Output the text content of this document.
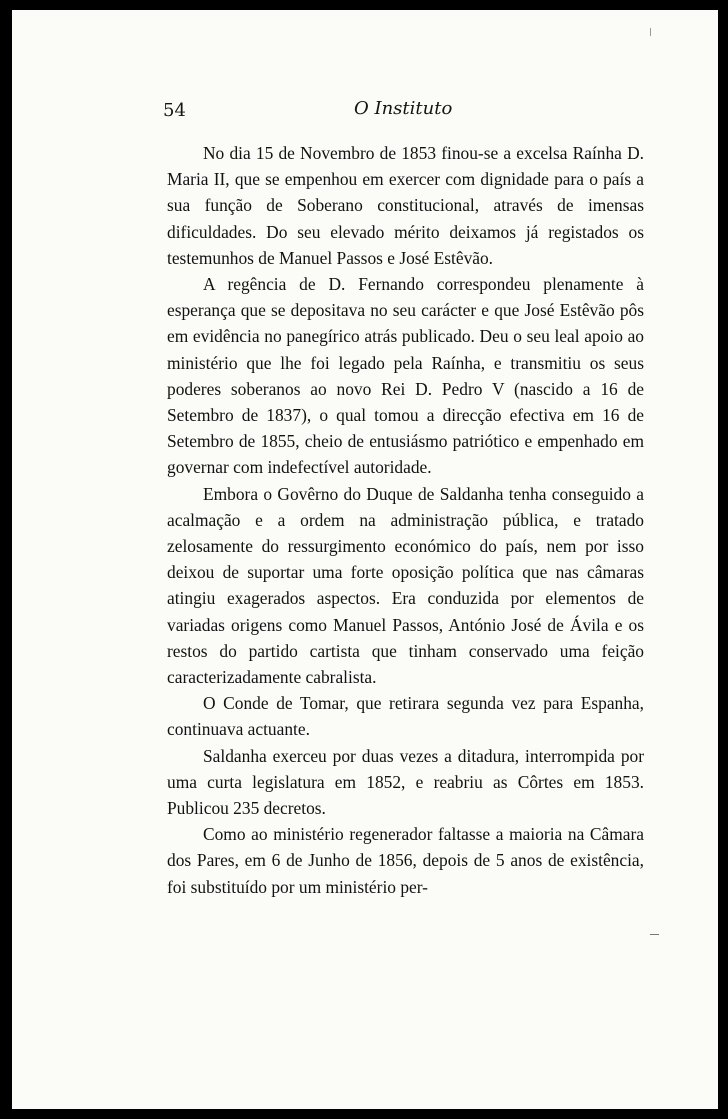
54	O Instituto

No dia 15 de Novembro de 1853 finou-se a excelsa Raínha D. Maria II, que se empenhou em exercer com dignidade para o país a sua função de Soberano constitucional, através de imensas dificuldades. Do seu elevado mérito deixamos já registados os testemunhos de Manuel Passos e José Estêvão.

A regência de D. Fernando correspondeu plenamente à esperança que se depositava no seu carácter e que José Estêvão pôs em evidência no panegírico atrás publicado. Deu o seu leal apoio ao ministério que lhe foi legado pela Raínha, e transmitiu os seus poderes soberanos ao novo Rei D. Pedro V (nascido a 16 de Setembro de 1837), o qual tomou a direcção efectiva em 16 de Setembro de 1855, cheio de entusiásmo patriótico e empenhado em governar com indefectível autoridade.

Embora o Govêrno do Duque de Saldanha tenha conseguido a acalmação e a ordem na administração pública, e tratado zelosamente do ressurgimento económico do país, nem por isso deixou de suportar uma forte oposição política que nas câmaras atingiu exagerados aspectos. Era conduzida por elementos de variadas origens como Manuel Passos, António José de Ávila e os restos do partido cartista que tinham conservado uma feição caracterizadamente cabralista.

O Conde de Tomar, que retirara segunda vez para Espanha, continuava actuante.

Saldanha exerceu por duas vezes a ditadura, interrompida por uma curta legislatura em 1852, e reabriu as Côrtes em 1853. Publicou 235 decretos.

Como ao ministério regenerador faltasse a maioria na Câmara dos Pares, em 6 de Junho de 1856, depois de 5 anos de existência, foi substituído por um ministério per-
